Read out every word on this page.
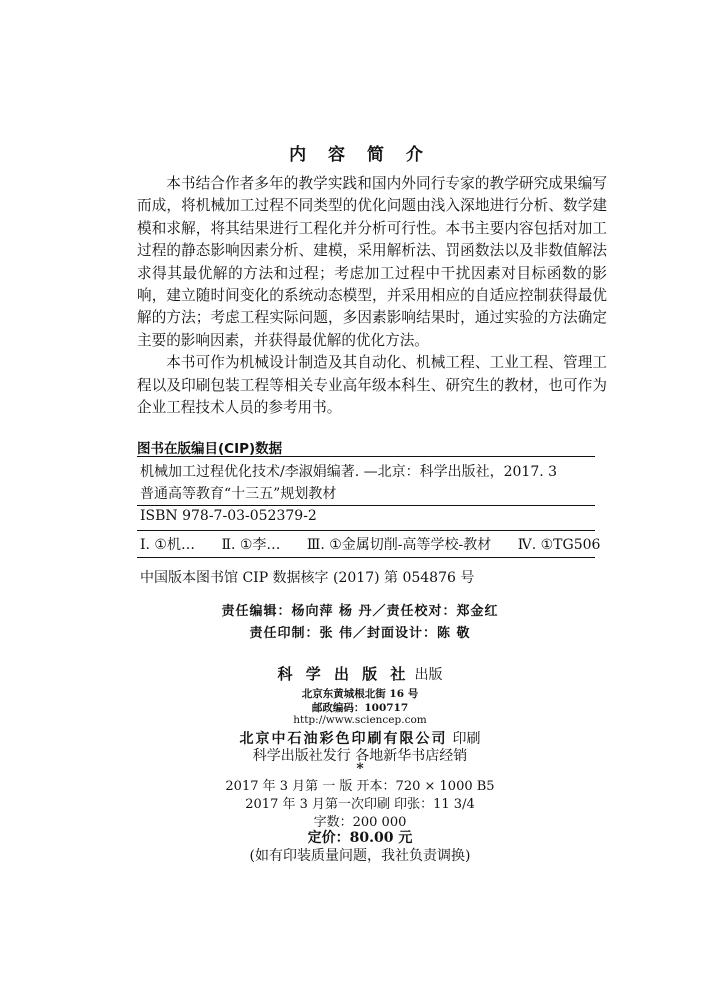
内 容 简 介

本书结合作者多年的教学实践和国内外同行专家的教学研究成果编写而成，将机械加工过程不同类型的优化问题由浅入深地进行分析、数学建模和求解，将其结果进行工程化并分析可行性。本书主要内容包括对加工过程的静态影响因素分析、建模，采用解析法、罚函数法以及非数值解法求得其最优解的方法和过程；考虑加工过程中干扰因素对目标函数的影响，建立随时间变化的系统动态模型，并采用相应的自适应控制获得最优解的方法；考虑工程实际问题，多因素影响结果时，通过实验的方法确定主要的影响因素，并获得最优解的优化方法。

本书可作为机械设计制造及其自动化、机械工程、工业工程、管理工程以及印刷包装工程等相关专业高年级本科生、研究生的教材，也可作为企业工程技术人员的参考用书。

图书在版编目(CIP)数据
机械加工过程优化技术/李淑娟编著. —北京：科学出版社，2017. 3
普通高等教育“十三五”规划教材
ISBN 978-7-03-052379-2
Ⅰ. ①机… Ⅱ. ①李… Ⅲ. ①金属切削-高等学校-教材 Ⅳ. ①TG506
中国版本图书馆 CIP 数据核字 (2017) 第 054876 号
责任编辑：杨向萍 杨 丹／责任校对：郑金红
责任印制：张 伟／封面设计：陈 敬
科 学 出 版 社 出版
北京东黄城根北街 16 号
邮政编码：100717
http://www.sciencep.com
北京中石油彩色印刷有限公司 印刷
科学出版社发行 各地新华书店经销
*
2017 年 3 月第 一 版 开本：720 × 1000 B5
2017 年 3 月第一次印刷 印张：11 3/4
字数：200 000
定价：80.00 元
(如有印装质量问题，我社负责调换)
